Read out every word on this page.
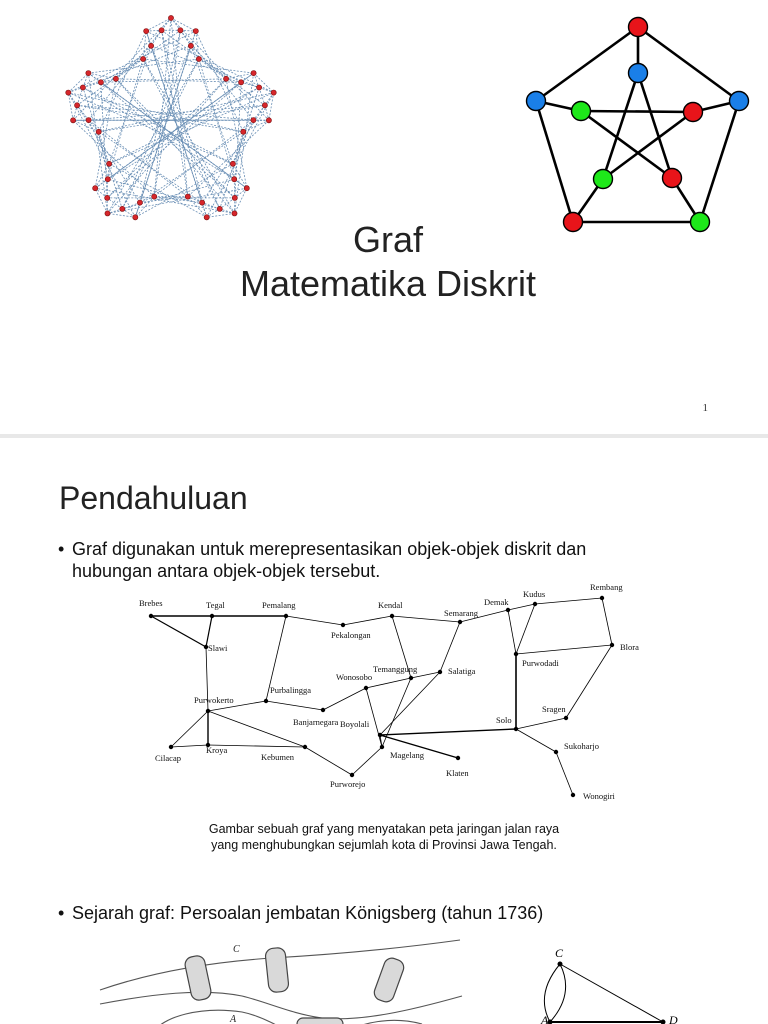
Graf
Matematika Diskrit
1
Pendahuluan
• Graf digunakan untuk merepresentasikan objek-objek diskrit dan
hubungan antara objek-objek tersebut.
Brebes	Tegal	Pemalang	Kendal
Semarang
Demak
Kudus
Rembang
Slawi
Pekalongan
Temanggung	Salatiga
Purwodadi
Blora
Wonosobo
Purwokerto
Purbalingga
Banjarnegara Boyolali	Solo
Sragen
Cilacap
Kroya
Kebumen	Magelang
Klaten
Sukoharjo
Purworejo
Wonogiri
Gambar sebuah graf yang menyatakan peta jaringan jalan raya
yang menghubungkan sejumlah kota di Provinsi Jawa Tengah.
• Sejarah graf: Persoalan jembatan Königsberg (tahun 1736)
C
A
C
A	D
